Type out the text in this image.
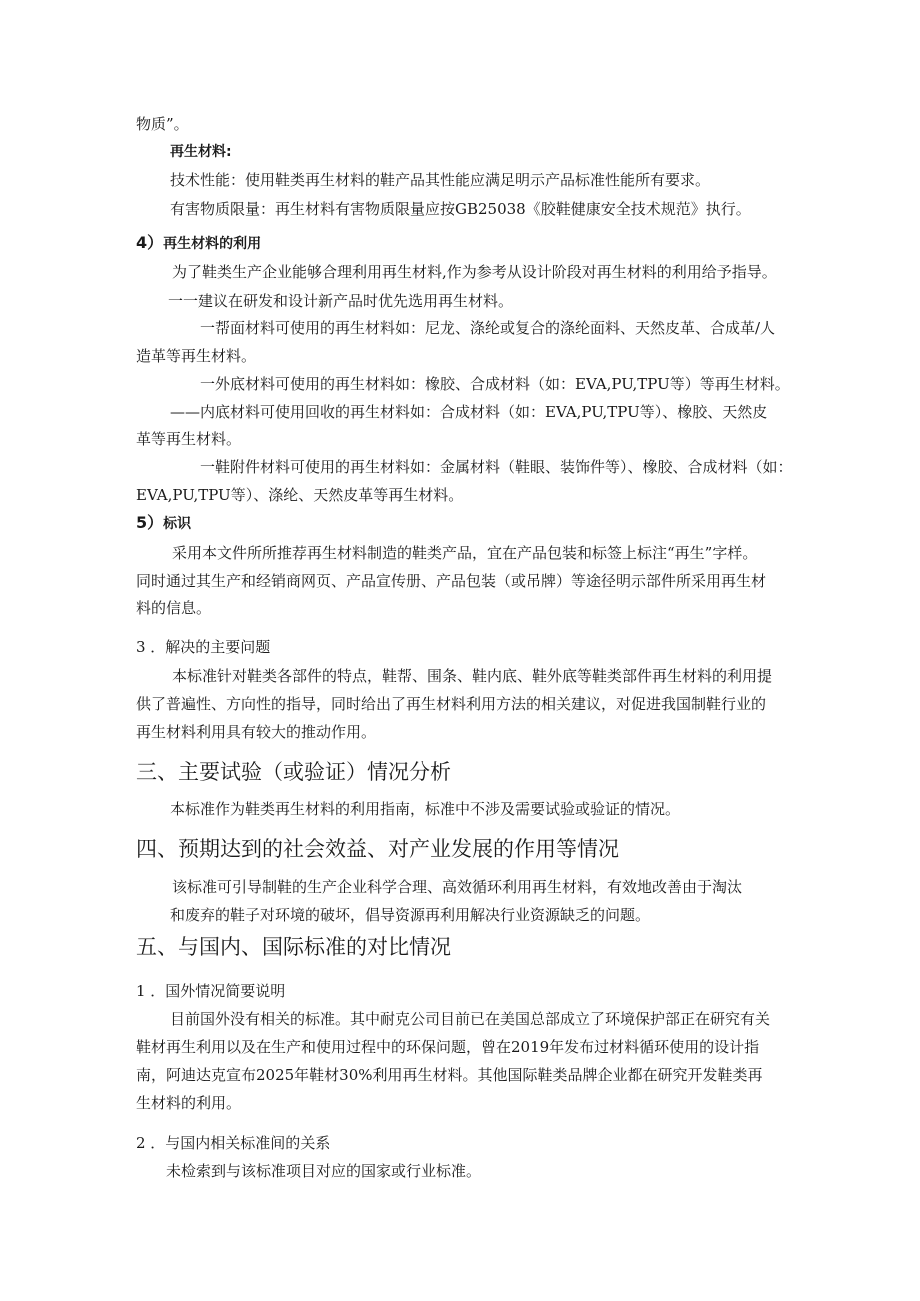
物质”。
再生材料:
技术性能：使用鞋类再生材料的鞋产品其性能应满足明示产品标准性能所有要求。
有害物质限量：再生材料有害物质限量应按GB25038《胶鞋健康安全技术规范》执行。
4）再生材料的利用
为了鞋类生产企业能够合理利用再生材料,作为参考从设计阶段对再生材料的利用给予指导。
一一建议在研发和设计新产品时优先选用再生材料。
一帮面材料可使用的再生材料如：尼龙、涤纶或复合的涤纶面料、天然皮革、合成革/人
造革等再生材料。
一外底材料可使用的再生材料如：橡胶、合成材料（如：EVA,PU,TPU等）等再生材料。
——内底材料可使用回收的再生材料如：合成材料（如：EVA,PU,TPU等）、橡胶、天然皮
革等再生材料。
一鞋附件材料可使用的再生材料如：金属材料（鞋眼、装饰件等）、橡胶、合成材料（如：
EVA,PU,TPU等）、涤纶、天然皮革等再生材料。
5）标识
采用本文件所所推荐再生材料制造的鞋类产品，宜在产品包装和标签上标注“再生”字样。
同时通过其生产和经销商网页、产品宣传册、产品包装（或吊牌）等途径明示部件所采用再生材
料的信息。
3 ．解决的主要问题
本标准针对鞋类各部件的特点，鞋帮、围条、鞋内底、鞋外底等鞋类部件再生材料的利用提
供了普遍性、方向性的指导，同时给出了再生材料利用方法的相关建议，对促进我国制鞋行业的
再生材料利用具有较大的推动作用。
三、主要试验（或验证）情况分析
本标准作为鞋类再生材料的利用指南，标准中不涉及需要试验或验证的情况。
四、预期达到的社会效益、对产业发展的作用等情况
该标准可引导制鞋的生产企业科学合理、高效循环利用再生材料，有效地改善由于淘汰
和废弃的鞋子对环境的破坏，倡导资源再利用解决行业资源缺乏的问题。
五、与国内、国际标准的对比情况
1 ．国外情况简要说明
目前国外没有相关的标准。其中耐克公司目前已在美国总部成立了环境保护部正在研究有关
鞋材再生利用以及在生产和使用过程中的环保问题，曾在2019年发布过材料循环使用的设计指
南，阿迪达克宣布2025年鞋材30%利用再生材料。其他国际鞋类品牌企业都在研究开发鞋类再
生材料的利用。
2 ．与国内相关标准间的关系
未检索到与该标准项目对应的国家或行业标准。
